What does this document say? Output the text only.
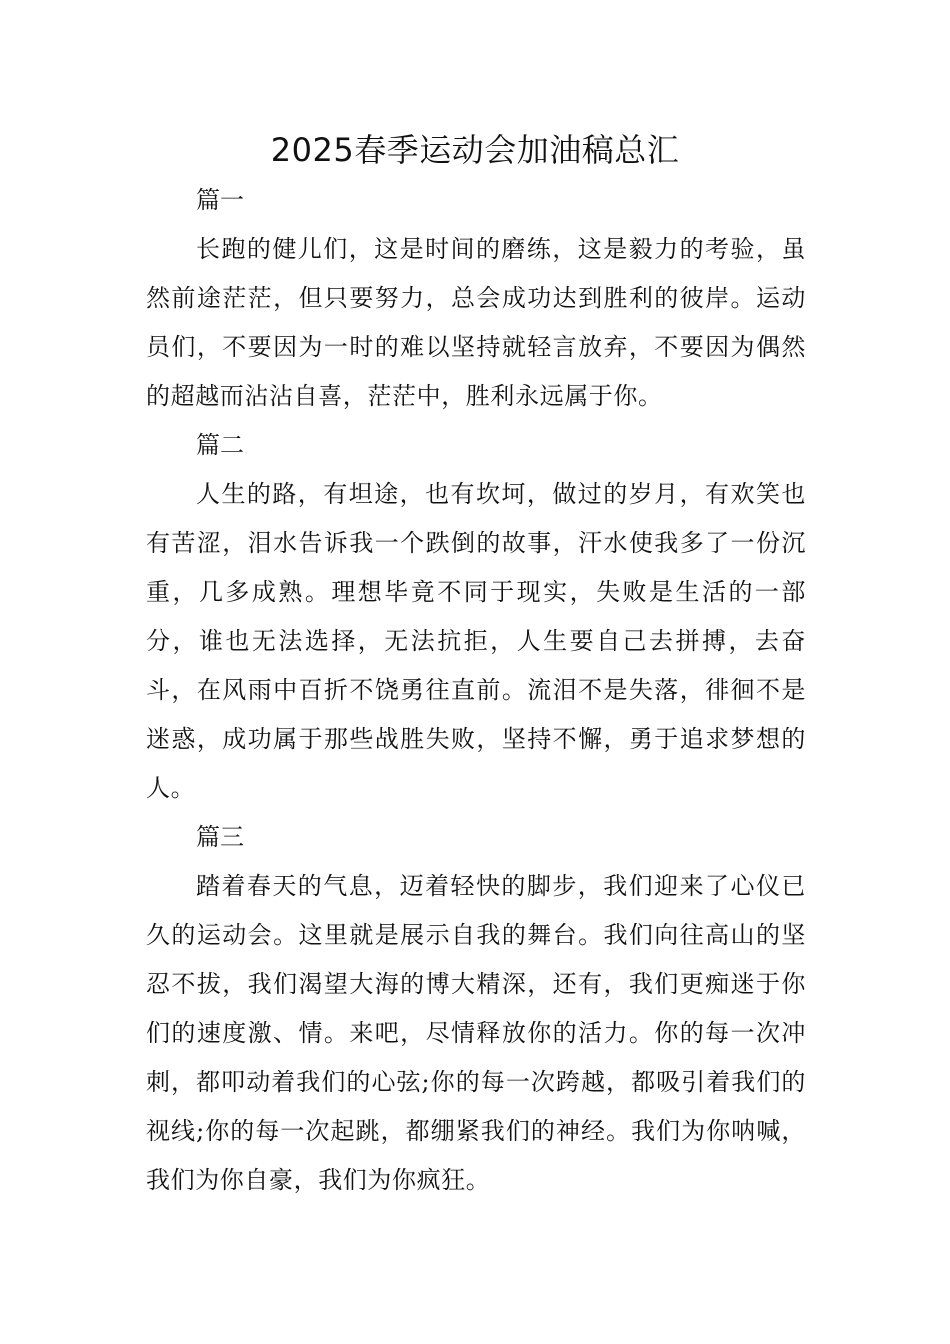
2025春季运动会加油稿总汇
篇一

长跑的健儿们，这是时间的磨练，这是毅力的考验，虽然前途茫茫，但只要努力，总会成功达到胜利的彼岸。运动员们，不要因为一时的难以坚持就轻言放弃，不要因为偶然的超越而沾沾自喜，茫茫中，胜利永远属于你。

篇二

人生的路，有坦途，也有坎坷，做过的岁月，有欢笑也有苦涩，泪水告诉我一个跌倒的故事，汗水使我多了一份沉重，几多成熟。理想毕竟不同于现实，失败是生活的一部分，谁也无法选择，无法抗拒，人生要自己去拼搏，去奋斗，在风雨中百折不饶勇往直前。流泪不是失落，徘徊不是迷惑，成功属于那些战胜失败，坚持不懈，勇于追求梦想的人。

篇三

踏着春天的气息，迈着轻快的脚步，我们迎来了心仪已久的运动会。这里就是展示自我的舞台。我们向往高山的坚忍不拔，我们渴望大海的博大精深，还有，我们更痴迷于你们的速度激、情。来吧，尽情释放你的活力。你的每一次冲刺，都叩动着我们的心弦;你的每一次跨越，都吸引着我们的视线;你的每一次起跳，都绷紧我们的神经。我们为你呐喊，我们为你自豪，我们为你疯狂。
